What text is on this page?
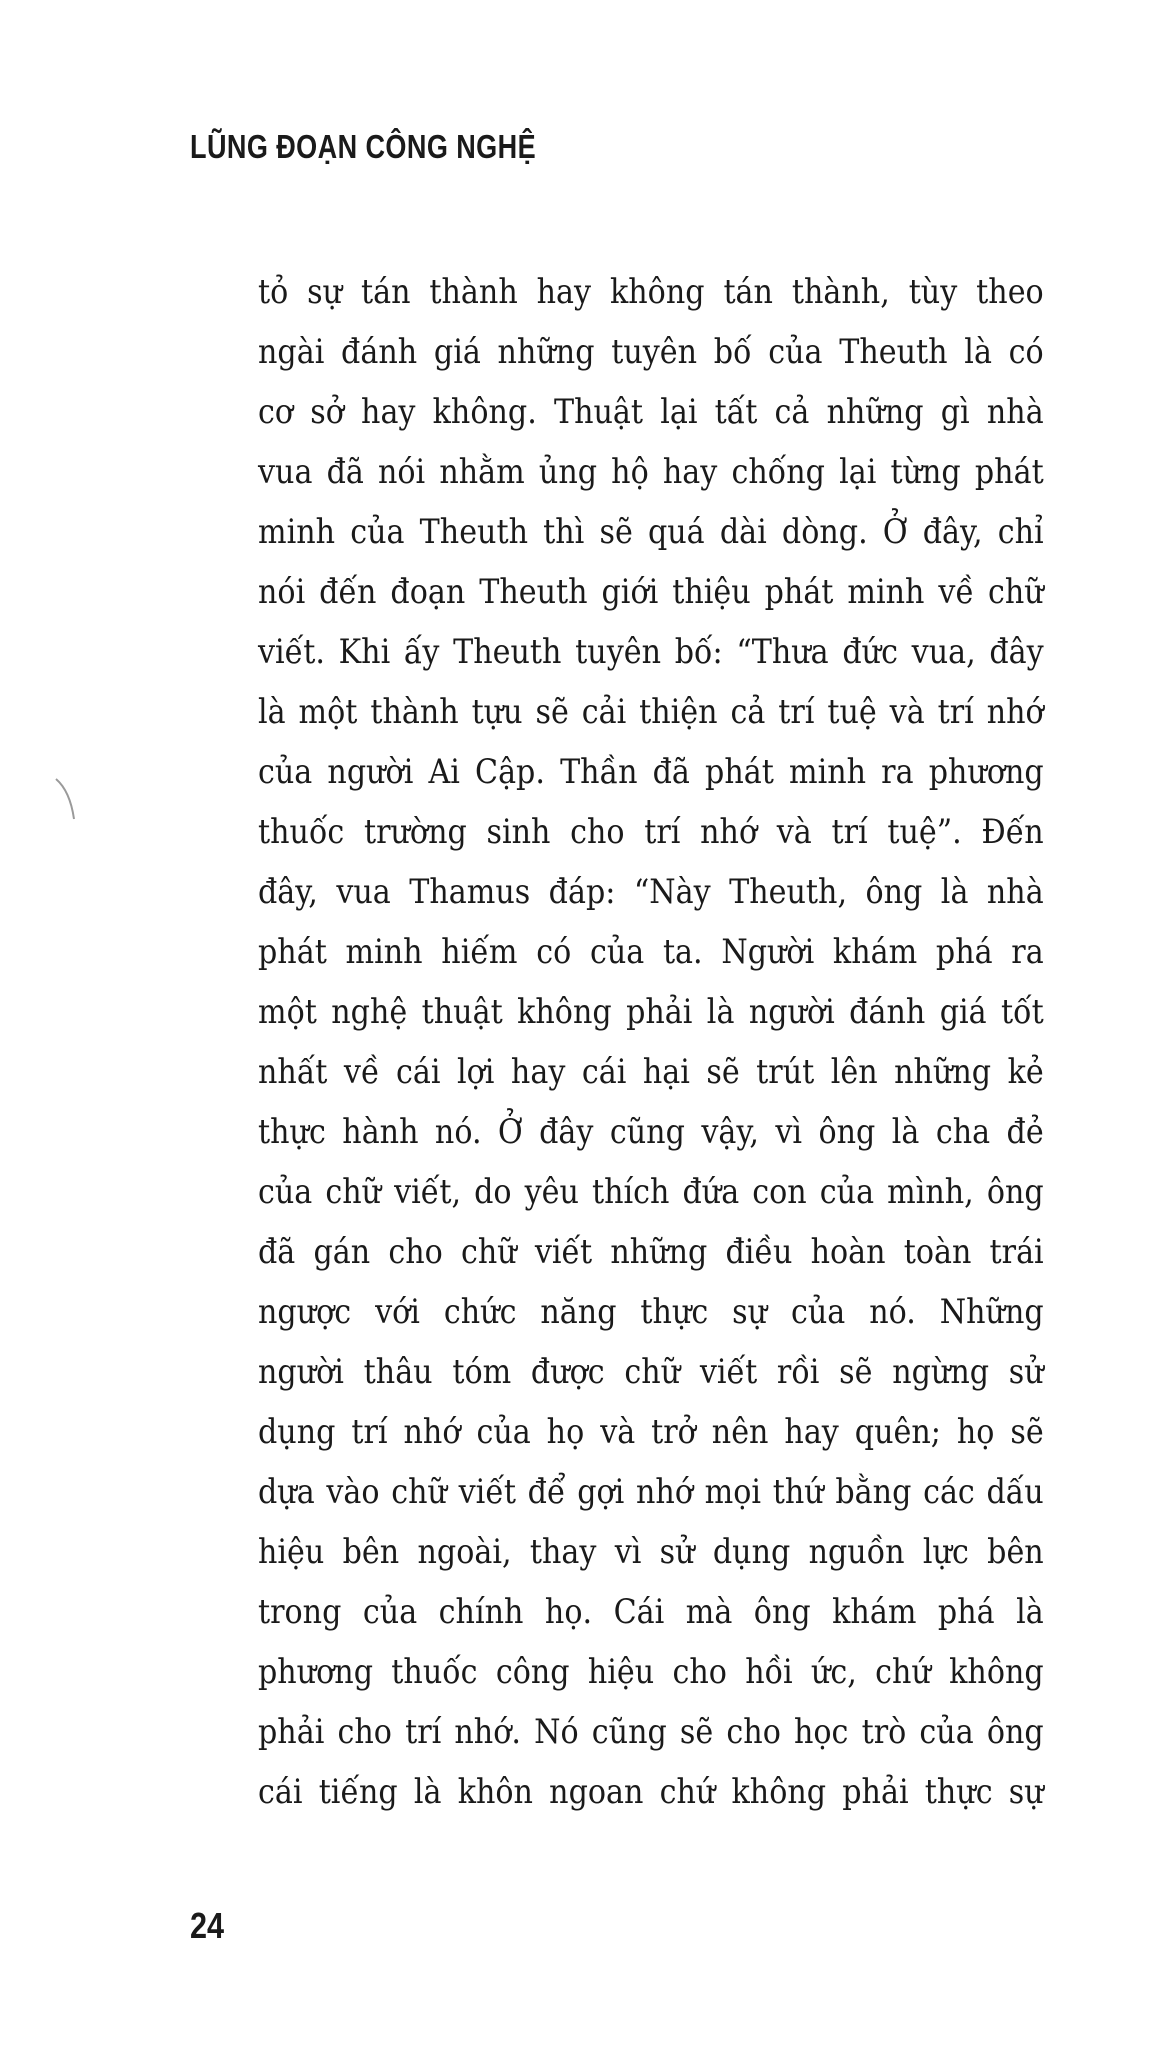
LŨNG ĐOẠN CÔNG NGHỆ
tỏ sự tán thành hay không tán thành, tùy theo
ngài đánh giá những tuyên bố của Theuth là có
cơ sở hay không. Thuật lại tất cả những gì nhà
vua đã nói nhằm ủng hộ hay chống lại từng phát
minh của Theuth thì sẽ quá dài dòng. Ở đây, chỉ
nói đến đoạn Theuth giới thiệu phát minh về chữ
viết. Khi ấy Theuth tuyên bố: “Thưa đức vua, đây
là một thành tựu sẽ cải thiện cả trí tuệ và trí nhớ
của người Ai Cập. Thần đã phát minh ra phương
thuốc trường sinh cho trí nhớ và trí tuệ”. Đến
đây, vua Thamus đáp: “Này Theuth, ông là nhà
phát minh hiếm có của ta. Người khám phá ra
một nghệ thuật không phải là người đánh giá tốt
nhất về cái lợi hay cái hại sẽ trút lên những kẻ
thực hành nó. Ở đây cũng vậy, vì ông là cha đẻ
của chữ viết, do yêu thích đứa con của mình, ông
đã gán cho chữ viết những điều hoàn toàn trái
ngược với chức năng thực sự của nó. Những
người thâu tóm được chữ viết rồi sẽ ngừng sử
dụng trí nhớ của họ và trở nên hay quên; họ sẽ
dựa vào chữ viết để gợi nhớ mọi thứ bằng các dấu
hiệu bên ngoài, thay vì sử dụng nguồn lực bên
trong của chính họ. Cái mà ông khám phá là
phương thuốc công hiệu cho hồi ức, chứ không
phải cho trí nhớ. Nó cũng sẽ cho học trò của ông
cái tiếng là khôn ngoan chứ không phải thực sự
24
